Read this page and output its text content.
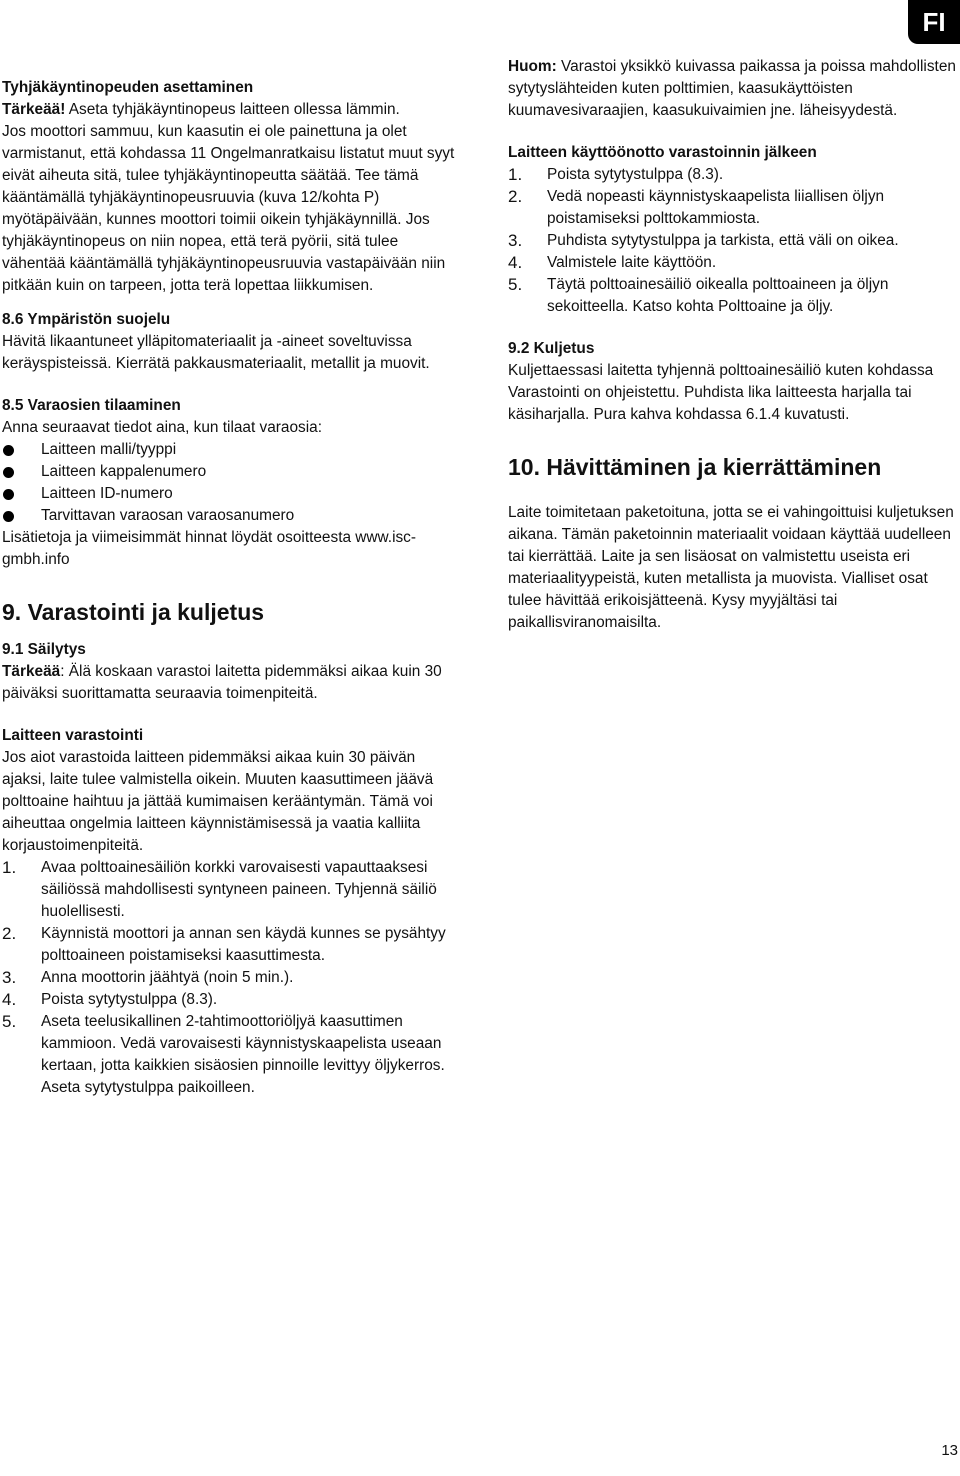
FI

Tyhjäkäyntinopeuden asettaminen

Tärkeää! Aseta tyhjäkäyntinopeus laitteen ollessa lämmin.

Jos moottori sammuu, kun kaasutin ei ole painettuna ja olet varmistanut, että kohdassa 11 Ongelmanratkaisu listatut muut syyt eivät aiheuta sitä, tulee tyhjäkäyntinopeutta säätää. Tee tämä kääntämällä tyhjäkäyntinopeusruuvia (kuva 12/kohta P) myötäpäivään, kunnes moottori toimii oikein tyhjäkäynnillä. Jos tyhjäkäyntinopeus on niin nopea, että terä pyörii, sitä tulee vähentää kääntämällä tyhjäkäyntinopeusruuvia vastapäivään niin pitkään kuin on tarpeen, jotta terä lopettaa liikkumisen.

8.6 Ympäristön suojelu

Hävitä likaantuneet ylläpitomateriaalit ja -aineet soveltuvissa keräyspisteissä. Kierrätä pakkausmateriaalit, metallit ja muovit.

8.5 Varaosien tilaaminen

Anna seuraavat tiedot aina, kun tilaat varaosia:

Laitteen malli/tyyppi
Laitteen kappalenumero
Laitteen ID-numero
Tarvittavan varaosan varaosanumero

Lisätietoja ja viimeisimmät hinnat löydät osoitteesta www.isc-gmbh.info

9. Varastointi ja kuljetus

9.1 Säilytys

Tärkeää: Älä koskaan varastoi laitetta pidemmäksi aikaa kuin 30 päiväksi suorittamatta seuraavia toimenpiteitä.

Laitteen varastointi

Jos aiot varastoida laitteen pidemmäksi aikaa kuin 30 päivän ajaksi, laite tulee valmistella oikein. Muuten kaasuttimeen jäävä polttoaine haihtuu ja jättää kumimaisen kerääntymän. Tämä voi aiheuttaa ongelmia laitteen käynnistämisessä ja vaatia kalliita korjaustoimenpiteitä.

1. Avaa polttoainesäiliön korkki varovaisesti vapauttaaksesi säiliössä mahdollisesti syntyneen paineen. Tyhjennä säiliö huolellisesti.
2. Käynnistä moottori ja annan sen käydä kunnes se pysähtyy polttoaineen poistamiseksi kaasuttimesta.
3. Anna moottorin jäähtyä (noin 5 min.).
4. Poista sytytystulppa (8.3).
5. Aseta teelusikallinen 2-tahtimoottoriöljyä kaasuttimen kammioon. Vedä varovaisesti käynnistyskaapelista useaan kertaan, jotta kaikkien sisäosien pinnoille levittyy öljykerros. Aseta sytytystulppa paikoilleen.

Huom: Varastoi yksikkö kuivassa paikassa ja poissa mahdollisten sytytyslähteiden kuten polttimien, kaasukäyttöisten kuumavesivaraajien, kaasukuivaimien jne. läheisyydestä.

Laitteen käyttöönotto varastoinnin jälkeen

1. Poista sytytystulppa (8.3).
2. Vedä nopeasti käynnistyskaapelista liiallisen öljyn poistamiseksi polttokammiosta.
3. Puhdista sytytystulppa ja tarkista, että väli on oikea.
4. Valmistele laite käyttöön.
5. Täytä polttoainesäiliö oikealla polttoaineen ja öljyn sekoitteella. Katso kohta Polttoaine ja öljy.

9.2 Kuljetus

Kuljettaessasi laitetta tyhjennä polttoainesäiliö kuten kohdassa Varastointi on ohjeistettu. Puhdista lika laitteesta harjalla tai käsiharjalla. Pura kahva kohdassa 6.1.4 kuvatusti.

10. Hävittäminen ja kierrättäminen

Laite toimitetaan paketoituna, jotta se ei vahingoittuisi kuljetuksen aikana. Tämän paketoinnin materiaalit voidaan käyttää uudelleen tai kierrättää. Laite ja sen lisäosat on valmistettu useista eri materiaalityypeistä, kuten metallista ja muovista. Vialliset osat tulee hävittää erikoisjätteenä. Kysy myyjältäsi tai paikallisviranomaisilta.

13
